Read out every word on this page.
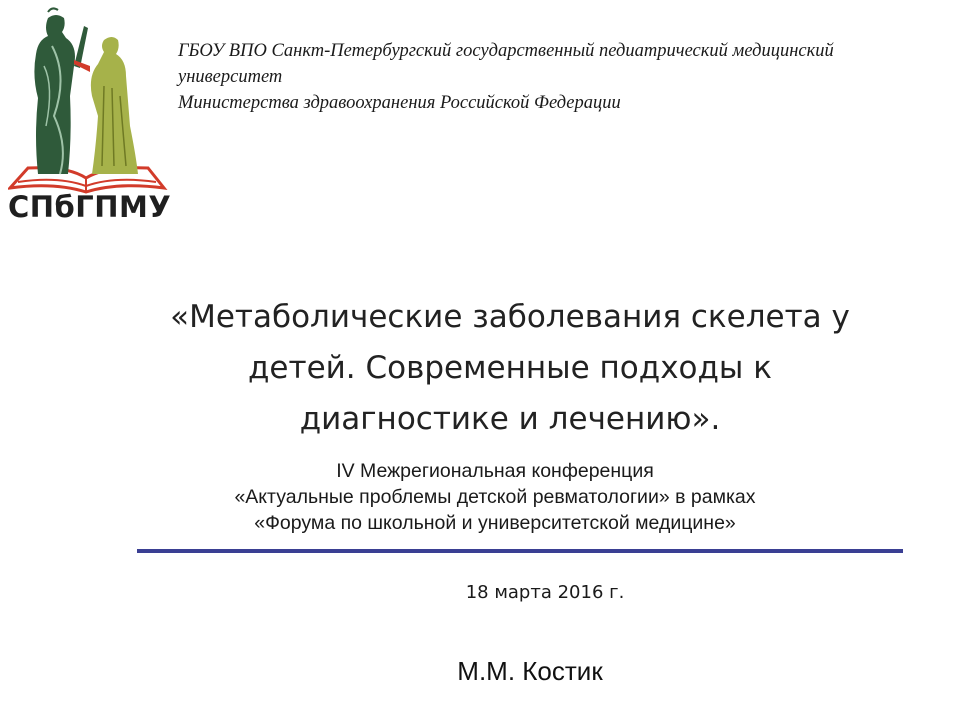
СПбГПМУ
ГБОУ ВПО Санкт-Петербургский государственный педиатрический медицинский
университет
Министерства здравоохранения Российской Федерации
«Метаболические заболевания скелета у
детей. Современные подходы к
диагностике и лечению».
IV Межрегиональная конференция
«Актуальные проблемы детской ревматологии» в рамках
«Форума по школьной и университетской медицине»
18 марта 2016 г.
М.М. Костик
